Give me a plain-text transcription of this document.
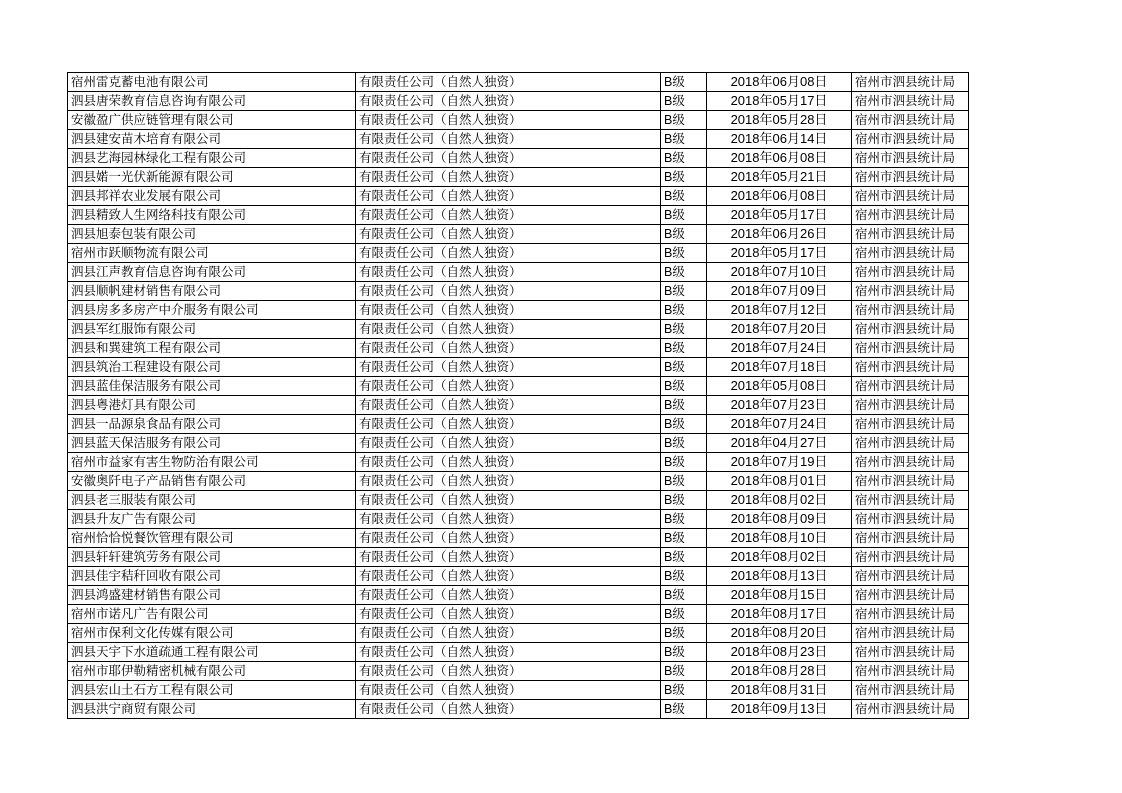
宿州雷克蓄电池有限公司	有限责任公司（自然人独资）	B级	2018年06月08日	宿州市泗县统计局
泗县唐荣教育信息咨询有限公司	有限责任公司（自然人独资）	B级	2018年05月17日	宿州市泗县统计局
安徽盈广供应链管理有限公司	有限责任公司（自然人独资）	B级	2018年05月28日	宿州市泗县统计局
泗县建安苗木培育有限公司	有限责任公司（自然人独资）	B级	2018年06月14日	宿州市泗县统计局
泗县艺海园林绿化工程有限公司	有限责任公司（自然人独资）	B级	2018年06月08日	宿州市泗县统计局
泗县婼一光伏新能源有限公司	有限责任公司（自然人独资）	B级	2018年05月21日	宿州市泗县统计局
泗县邦祥农业发展有限公司	有限责任公司（自然人独资）	B级	2018年06月08日	宿州市泗县统计局
泗县精致人生网络科技有限公司	有限责任公司（自然人独资）	B级	2018年05月17日	宿州市泗县统计局
泗县旭泰包装有限公司	有限责任公司（自然人独资）	B级	2018年06月26日	宿州市泗县统计局
宿州市跃顺物流有限公司	有限责任公司（自然人独资）	B级	2018年05月17日	宿州市泗县统计局
泗县江声教育信息咨询有限公司	有限责任公司（自然人独资）	B级	2018年07月10日	宿州市泗县统计局
泗县顺帆建材销售有限公司	有限责任公司（自然人独资）	B级	2018年07月09日	宿州市泗县统计局
泗县房多多房产中介服务有限公司	有限责任公司（自然人独资）	B级	2018年07月12日	宿州市泗县统计局
泗县军红服饰有限公司	有限责任公司（自然人独资）	B级	2018年07月20日	宿州市泗县统计局
泗县和巽建筑工程有限公司	有限责任公司（自然人独资）	B级	2018年07月24日	宿州市泗县统计局
泗县筑治工程建设有限公司	有限责任公司（自然人独资）	B级	2018年07月18日	宿州市泗县统计局
泗县蓝佳保洁服务有限公司	有限责任公司（自然人独资）	B级	2018年05月08日	宿州市泗县统计局
泗县粤港灯具有限公司	有限责任公司（自然人独资）	B级	2018年07月23日	宿州市泗县统计局
泗县一品源泉食品有限公司	有限责任公司（自然人独资）	B级	2018年07月24日	宿州市泗县统计局
泗县蓝天保洁服务有限公司	有限责任公司（自然人独资）	B级	2018年04月27日	宿州市泗县统计局
宿州市益家有害生物防治有限公司	有限责任公司（自然人独资）	B级	2018年07月19日	宿州市泗县统计局
安徽奥阡电子产品销售有限公司	有限责任公司（自然人独资）	B级	2018年08月01日	宿州市泗县统计局
泗县老三服装有限公司	有限责任公司（自然人独资）	B级	2018年08月02日	宿州市泗县统计局
泗县升友广告有限公司	有限责任公司（自然人独资）	B级	2018年08月09日	宿州市泗县统计局
宿州恰恰悦餐饮管理有限公司	有限责任公司（自然人独资）	B级	2018年08月10日	宿州市泗县统计局
泗县轩轩建筑劳务有限公司	有限责任公司（自然人独资）	B级	2018年08月02日	宿州市泗县统计局
泗县佳宇秸秆回收有限公司	有限责任公司（自然人独资）	B级	2018年08月13日	宿州市泗县统计局
泗县鸿盛建材销售有限公司	有限责任公司（自然人独资）	B级	2018年08月15日	宿州市泗县统计局
宿州市诺凡广告有限公司	有限责任公司（自然人独资）	B级	2018年08月17日	宿州市泗县统计局
宿州市保利文化传媒有限公司	有限责任公司（自然人独资）	B级	2018年08月20日	宿州市泗县统计局
泗县天宇下水道疏通工程有限公司	有限责任公司（自然人独资）	B级	2018年08月23日	宿州市泗县统计局
宿州市耶伊勒精密机械有限公司	有限责任公司（自然人独资）	B级	2018年08月28日	宿州市泗县统计局
泗县宏山土石方工程有限公司	有限责任公司（自然人独资）	B级	2018年08月31日	宿州市泗县统计局
泗县洪宁商贸有限公司	有限责任公司（自然人独资）	B级	2018年09月13日	宿州市泗县统计局
